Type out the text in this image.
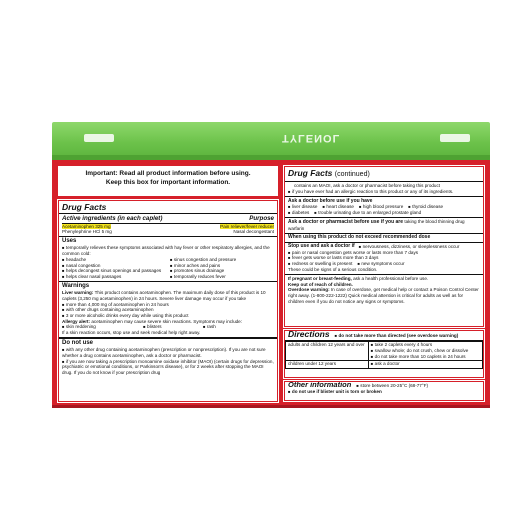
TYLENOL
Important: Read all product information before using.
Keep this box for important information.
Drug Facts
Active ingredients (in each caplet)	Purpose
Acetaminophen 325 mg	Pain reliever/fever reducer
Phenylephrine HCl 5 mg	Nasal decongestant
Uses
■ temporarily relieves these symptoms associated with hay fever or other respiratory allergies, and the common cold:
■ headache	■ sinus congestion and pressure
■ nasal congestion	■ minor aches and pains
■ helps decongest sinus openings and passages	■ promotes sinus drainage
■ helps clear nasal passages	■ temporarily reduces fever
Warnings
Liver warning: This product contains acetaminophen. The maximum daily dose of this product is 10 caplets (3,250 mg acetaminophen) in 24 hours. Severe liver damage may occur if you take
■ more than 4,000 mg of acetaminophen in 24 hours
■ with other drugs containing acetaminophen
■ 3 or more alcoholic drinks every day while using this product
Allergy alert: acetaminophen may cause severe skin reactions. Symptoms may include:
■ skin reddening	■ blisters	■ rash
If a skin reaction occurs, stop use and seek medical help right away.
Do not use
■ with any other drug containing acetaminophen (prescription or nonprescription). If you are not sure whether a drug contains acetaminophen, ask a doctor or pharmacist.
■ if you are now taking a prescription monoamine oxidase inhibitor (MAOI) (certain drugs for depression, psychiatric or emotional conditions, or Parkinson's disease), or for 2 weeks after stopping the MAOI drug. If you do not know if your prescription drug
Drug Facts (continued)
contains an MAOI, ask a doctor or pharmacist before taking this product
■ if you have ever had an allergic reaction to this product or any of its ingredients.
Ask a doctor before use if you have
■ liver disease	■ heart disease	■ high blood pressure	■ thyroid disease
■ diabetes	■ trouble urinating due to an enlarged prostate gland
Ask a doctor or pharmacist before use if you are taking the blood thinning drug warfarin
When using this product do not exceed recommended dose
Stop use and ask a doctor if	■ nervousness, dizziness, or sleeplessness occur
■ pain or nasal congestion gets worse or lasts more than 7 days
■ fever gets worse or lasts more than 3 days
■ redness or swelling is present	■ new symptoms occur
These could be signs of a serious condition.
If pregnant or breast-feeding, ask a health professional before use.
Keep out of reach of children.
Overdose warning: In case of overdose, get medical help or contact a Poison Control Center right away. (1-800-222-1222) Quick medical attention is critical for adults as well as for children even if you do not notice any signs or symptoms.
Directions	■ do not take more than directed (see overdose warning)
adults and children 12 years and over	■ take 2 caplets every 4 hours
■ swallow whole; do not crush, chew or dissolve
■ do not take more than 10 caplets in 24 hours

children under 12 years	■ ask a doctor
Other information	■ store between 20-25°C (68-77°F)
■ do not use if blister unit is torn or broken
